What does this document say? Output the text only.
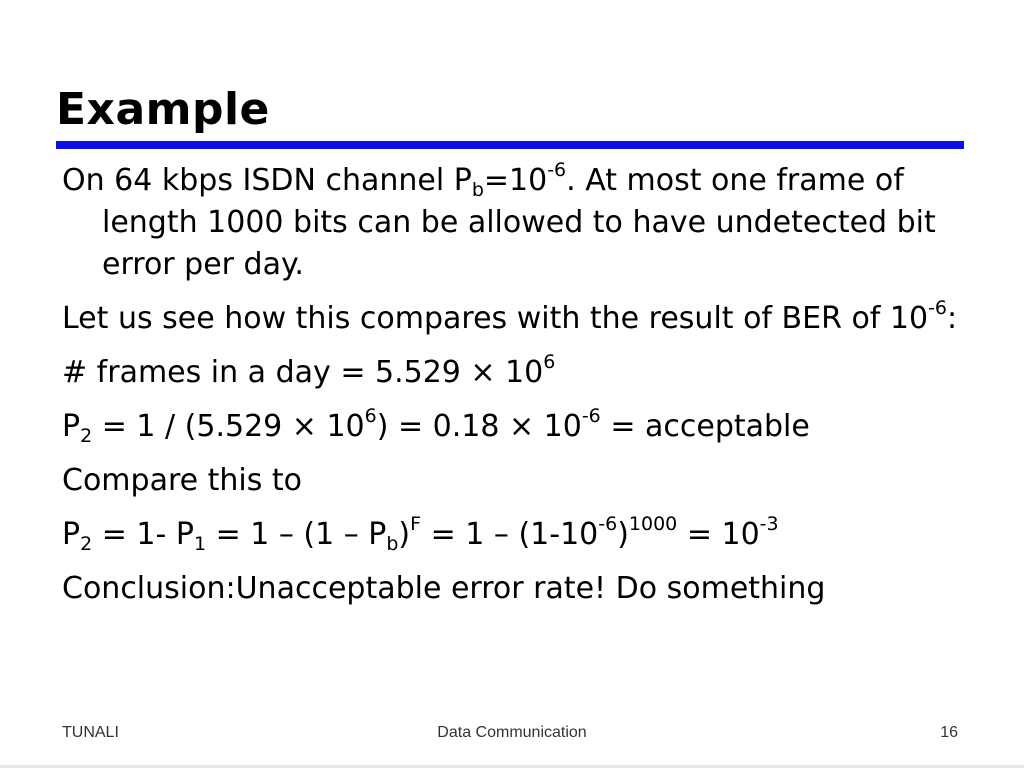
Example
On 64 kbps ISDN channel $P_b=10^{-6}$. At most one frame of length 1000 bits can be allowed to have undetected bit error per day.
Let us see how this compares with the result of BER of $10^{-6}$:
# frames in a day = $5.529 \times 10^6$
$P_2 = 1 / (5.529 \times 10^6) = 0.18 \times 10^{-6}$ = acceptable
Compare this to
$P_2 = 1-$ $P_1 = 1 - (1 - P_b)^F = 1 - (1-10^{-6})^{1000} = 10^{-3}$
Conclusion:Unacceptable error rate! Do something
TUNALI	Data Communication	16
